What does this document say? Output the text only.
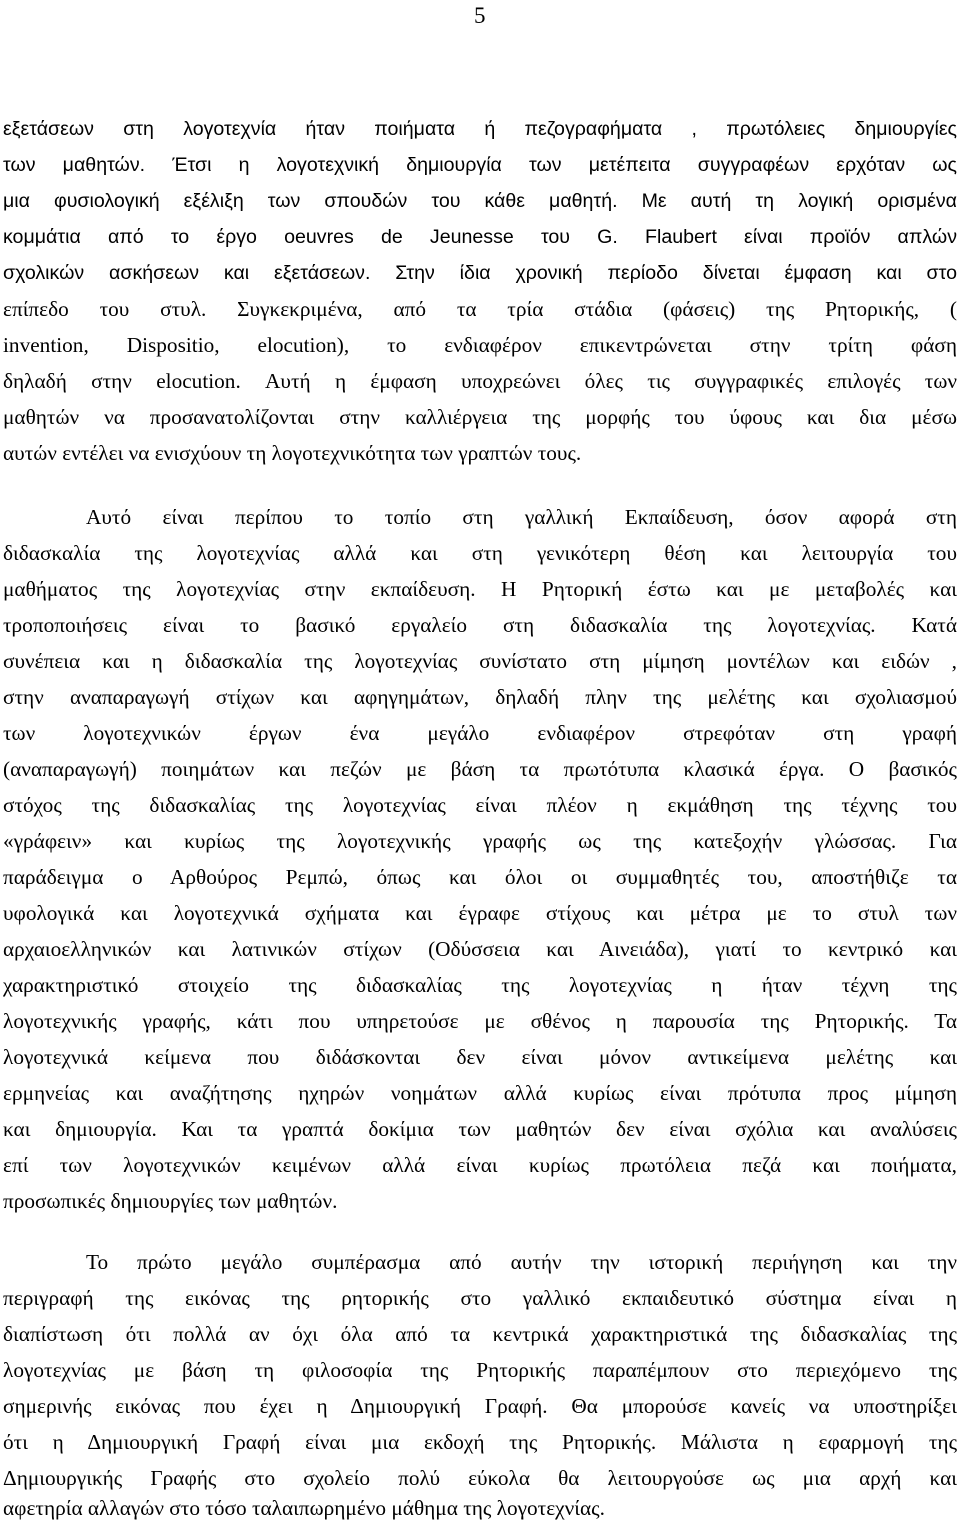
5
εξετάσεων στη λογοτεχνία ήταν ποιήματα ή πεζογραφήματα , πρωτόλειες δημιουργίες
των μαθητών. Έτσι η λογοτεχνική δημιουργία των μετέπειτα συγγραφέων ερχόταν ως
μια φυσιολογική εξέλιξη των σπουδών του κάθε μαθητή. Με αυτή τη λογική ορισμένα
κομμάτια από το έργο oeuvres de Jeunesse του G. Flaubert είναι προϊόν απλών
σχολικών ασκήσεων και εξετάσεων. Στην ίδια χρονική περίοδο δίνεται έμφαση και στο
επίπεδο του στυλ. Συγκεκριμένα, από τα τρία στάδια (φάσεις) της Ρητορικής, (
invention, Dispositio, elocution), το ενδιαφέρον επικεντρώνεται στην τρίτη φάση
δηλαδή στην elocution. Αυτή η έμφαση υποχρεώνει όλες τις συγγραφικές επιλογές των
μαθητών να προσανατολίζονται στην καλλιέργεια της μορφής του ύφους και δια μέσω
αυτών εντέλει να ενισχύουν τη λογοτεχνικότητα των γραπτών τους.
Αυτό είναι περίπου το τοπίο στη γαλλική Εκπαίδευση, όσον αφορά στη
διδασκαλία της λογοτεχνίας αλλά και στη γενικότερη θέση και λειτουργία του
μαθήματος της λογοτεχνίας στην εκπαίδευση. Η Ρητορική έστω και με μεταβολές και
τροποποιήσεις είναι το βασικό εργαλείο στη διδασκαλία της λογοτεχνίας. Κατά
συνέπεια και η διδασκαλία της λογοτεχνίας συνίστατο στη μίμηση μοντέλων και ειδών ,
στην αναπαραγωγή στίχων και αφηγημάτων, δηλαδή πλην της μελέτης και σχολιασμού
των λογοτεχνικών έργων ένα μεγάλο ενδιαφέρον στρεφόταν στη γραφή
(αναπαραγωγή) ποιημάτων και πεζών με βάση τα πρωτότυπα κλασικά έργα. Ο βασικός
στόχος της διδασκαλίας της λογοτεχνίας είναι πλέον η εκμάθηση της τέχνης του
«γράφειν» και κυρίως της λογοτεχνικής γραφής ως της κατεξοχήν γλώσσας. Για
παράδειγμα ο Αρθούρος Ρεμπώ, όπως και όλοι οι συμμαθητές του, αποστήθιζε τα
υφολογικά και λογοτεχνικά σχήματα και έγραφε στίχους και μέτρα με το στυλ των
αρχαιοελληνικών και λατινικών στίχων (Οδύσσεια και Αινειάδα), γιατί το κεντρικό και
χαρακτηριστικό στοιχείο της διδασκαλίας της λογοτεχνίας η ήταν τέχνη της
λογοτεχνικής γραφής, κάτι που υπηρετούσε με σθένος η παρουσία της Ρητορικής. Τα
λογοτεχνικά κείμενα που διδάσκονται δεν είναι μόνον αντικείμενα μελέτης και
ερμηνείας και αναζήτησης ηχηρών νοημάτων αλλά κυρίως είναι πρότυπα προς μίμηση
και δημιουργία. Και τα γραπτά δοκίμια των μαθητών δεν είναι σχόλια και αναλύσεις
επί των λογοτεχνικών κειμένων αλλά είναι κυρίως πρωτόλεια πεζά και ποιήματα,
προσωπικές δημιουργίες των μαθητών.
Το πρώτο μεγάλο συμπέρασμα από αυτήν την ιστορική περιήγηση και την
περιγραφή της εικόνας της ρητορικής στο γαλλικό εκπαιδευτικό σύστημα είναι η
διαπίστωση ότι πολλά αν όχι όλα από τα κεντρικά χαρακτηριστικά της διδασκαλίας της
λογοτεχνίας με βάση τη φιλοσοφία της Ρητορικής παραπέμπουν στο περιεχόμενο της
σημερινής εικόνας που έχει η Δημιουργική Γραφή. Θα μπορούσε κανείς να υποστηρίξει
ότι η Δημιουργική Γραφή είναι μια εκδοχή της Ρητορικής. Μάλιστα η εφαρμογή της
Δημιουργικής Γραφής στο σχολείο πολύ εύκολα θα λειτουργούσε ως μια αρχή και
αφετηρία αλλαγών στο τόσο ταλαιπωρημένο μάθημα της λογοτεχνίας.
